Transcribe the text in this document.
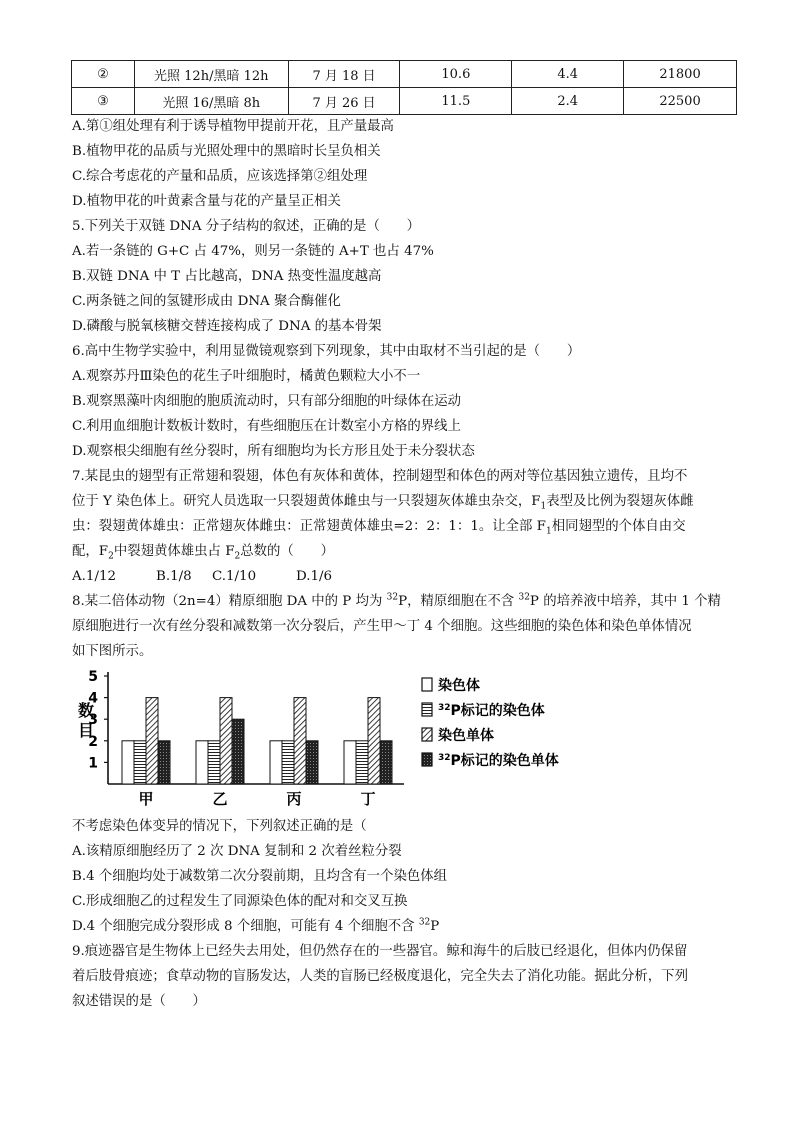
②	光照 12h/黑暗 12h	7 月 18 日	10.6	4.4	21800
③	光照 16/黑暗 8h	7 月 26 日	11.5	2.4	22500
A.第①组处理有利于诱导植物甲提前开花，且产量最高
B.植物甲花的品质与光照处理中的黑暗时长呈负相关
C.综合考虑花的产量和品质，应该选择第②组处理
D.植物甲花的叶黄素含量与花的产量呈正相关
5.下列关于双链 DNA 分子结构的叙述，正确的是（　　）
A.若一条链的 G+C 占 47%，则另一条链的 A+T 也占 47%
B.双链 DNA 中 T 占比越高，DNA 热变性温度越高
C.两条链之间的氢键形成由 DNA 聚合酶催化
D.磷酸与脱氧核糖交替连接构成了 DNA 的基本骨架
6.高中生物学实验中，利用显微镜观察到下列现象，其中由取材不当引起的是（　　）
A.观察苏丹Ⅲ染色的花生子叶细胞时，橘黄色颗粒大小不一
B.观察黑藻叶肉细胞的胞质流动时，只有部分细胞的叶绿体在运动
C.利用血细胞计数板计数时，有些细胞压在计数室小方格的界线上
D.观察根尖细胞有丝分裂时，所有细胞均为长方形且处于未分裂状态
7.某昆虫的翅型有正常翅和裂翅，体色有灰体和黄体，控制翅型和体色的两对等位基因独立遗传，且均不
位于 Y 染色体上。研究人员选取一只裂翅黄体雌虫与一只裂翅灰体雄虫杂交，$F_1$表型及比例为裂翅灰体雌
虫：裂翅黄体雄虫：正常翅灰体雌虫：正常翅黄体雄虫=2：2：1：1。让全部 $F_1$相同翅型的个体自由交
配，$F_2$中裂翅黄体雄虫占 $F_2$总数的（　　）
A.1/12	B.1/8 C.1/10	D.1/6
8.某二倍体动物（2n=4）精原细胞 DA 中的 P 均为 $^{32}$P，精原细胞在不含 $^{32}$P 的培养液中培养，其中 1 个精
原细胞进行一次有丝分裂和减数第一次分裂后，产生甲～丁 4 个细胞。这些细胞的染色体和染色单体情况
如下图所示。
1
2
3
4
5
数
目
甲	乙	丙	丁
染色体
$^{32}$P标记的染色体
染色单体
$^{32}$P标记的染色单体
不考虑染色体变异的情况下，下列叙述正确的是（
A.该精原细胞经历了 2 次 DNA 复制和 2 次着丝粒分裂
B.4 个细胞均处于减数第二次分裂前期，且均含有一个染色体组
C.形成细胞乙的过程发生了同源染色体的配对和交叉互换
D.4 个细胞完成分裂形成 8 个细胞，可能有 4 个细胞不含 $^{32}$P
9.痕迹器官是生物体上已经失去用处，但仍然存在的一些器官。鲸和海牛的后肢已经退化，但体内仍保留
着后肢骨痕迹；食草动物的盲肠发达，人类的盲肠已经极度退化，完全失去了消化功能。据此分析，下列
叙述错误的是（　　）
